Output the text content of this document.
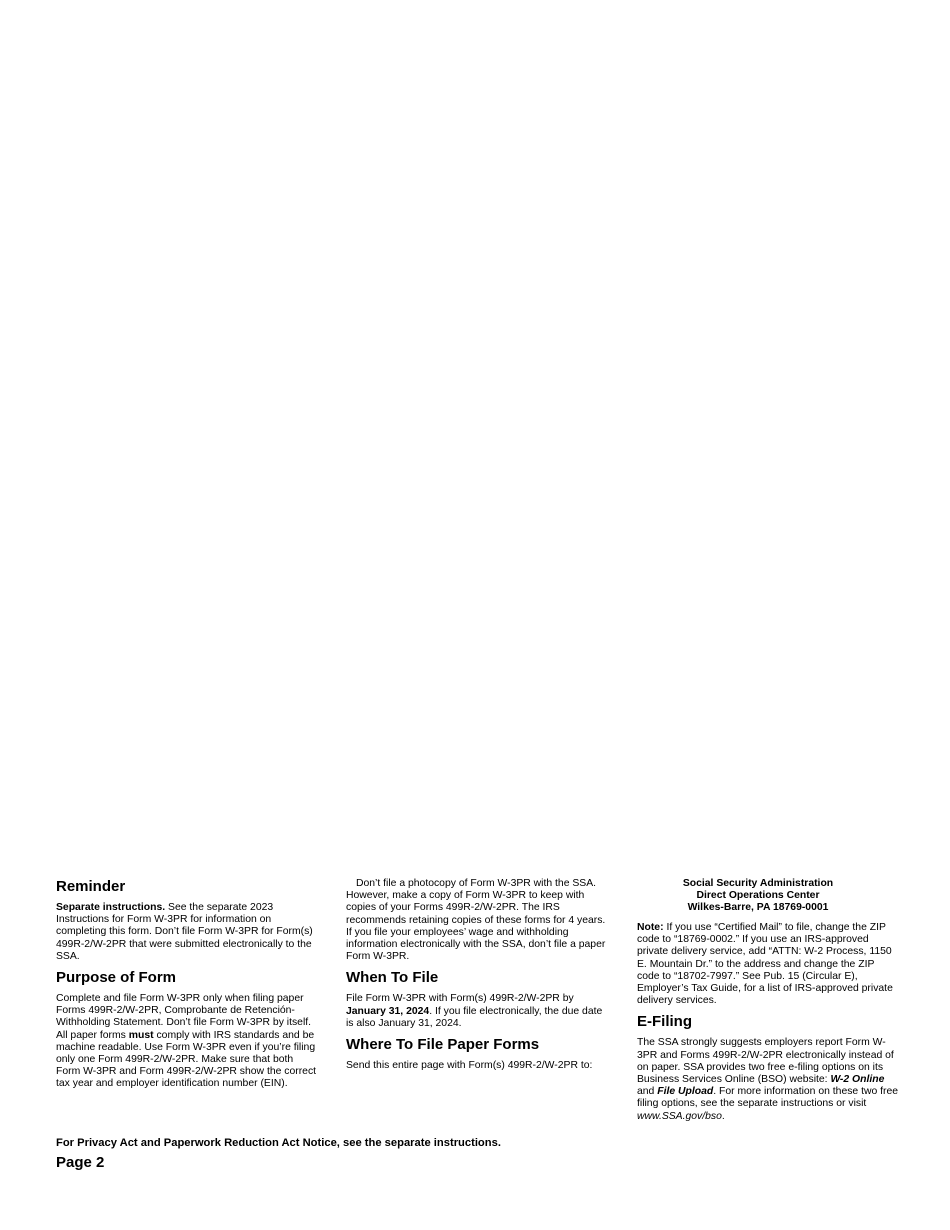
Reminder

Separate instructions. See the separate 2023 Instructions for Form W-3PR for information on completing this form. Don’t file Form W-3PR for Form(s) 499R-2/W-2PR that were submitted electronically to the SSA.

Purpose of Form

Complete and file Form W-3PR only when filing paper Forms 499R-2/W-2PR, Comprobante de Retención-Withholding Statement. Don’t file Form W-3PR by itself. All paper forms must comply with IRS standards and be machine readable. Use Form W-3PR even if you’re filing only one Form 499R-2/W-2PR. Make sure that both Form W-3PR and Form 499R-2/W-2PR show the correct tax year and employer identification number (EIN).

Don’t file a photocopy of Form W-3PR with the SSA. However, make a copy of Form W-3PR to keep with copies of your Forms 499R-2/W-2PR. The IRS recommends retaining copies of these forms for 4 years. If you file your employees’ wage and withholding information electronically with the SSA, don’t file a paper Form W-3PR.

When To File

File Form W-3PR with Form(s) 499R-2/W-2PR by January 31, 2024. If you file electronically, the due date is also January 31, 2024.

Where To File Paper Forms

Send this entire page with Form(s) 499R-2/W-2PR to:

Social Security Administration
Direct Operations Center
Wilkes-Barre, PA 18769-0001

Note: If you use “Certified Mail” to file, change the ZIP code to “18769-0002.” If you use an IRS-approved private delivery service, add “ATTN: W-2 Process, 1150 E. Mountain Dr.” to the address and change the ZIP code to “18702-7997.” See Pub. 15 (Circular E), Employer’s Tax Guide, for a list of IRS-approved private delivery services.

E-Filing

The SSA strongly suggests employers report Form W-3PR and Forms 499R-2/W-2PR electronically instead of on paper. SSA provides two free e-filing options on its Business Services Online (BSO) website: W-2 Online and File Upload. For more information on these two free filing options, see the separate instructions or visit www.SSA.gov/bso.

For Privacy Act and Paperwork Reduction Act Notice, see the separate instructions.
Page 2
